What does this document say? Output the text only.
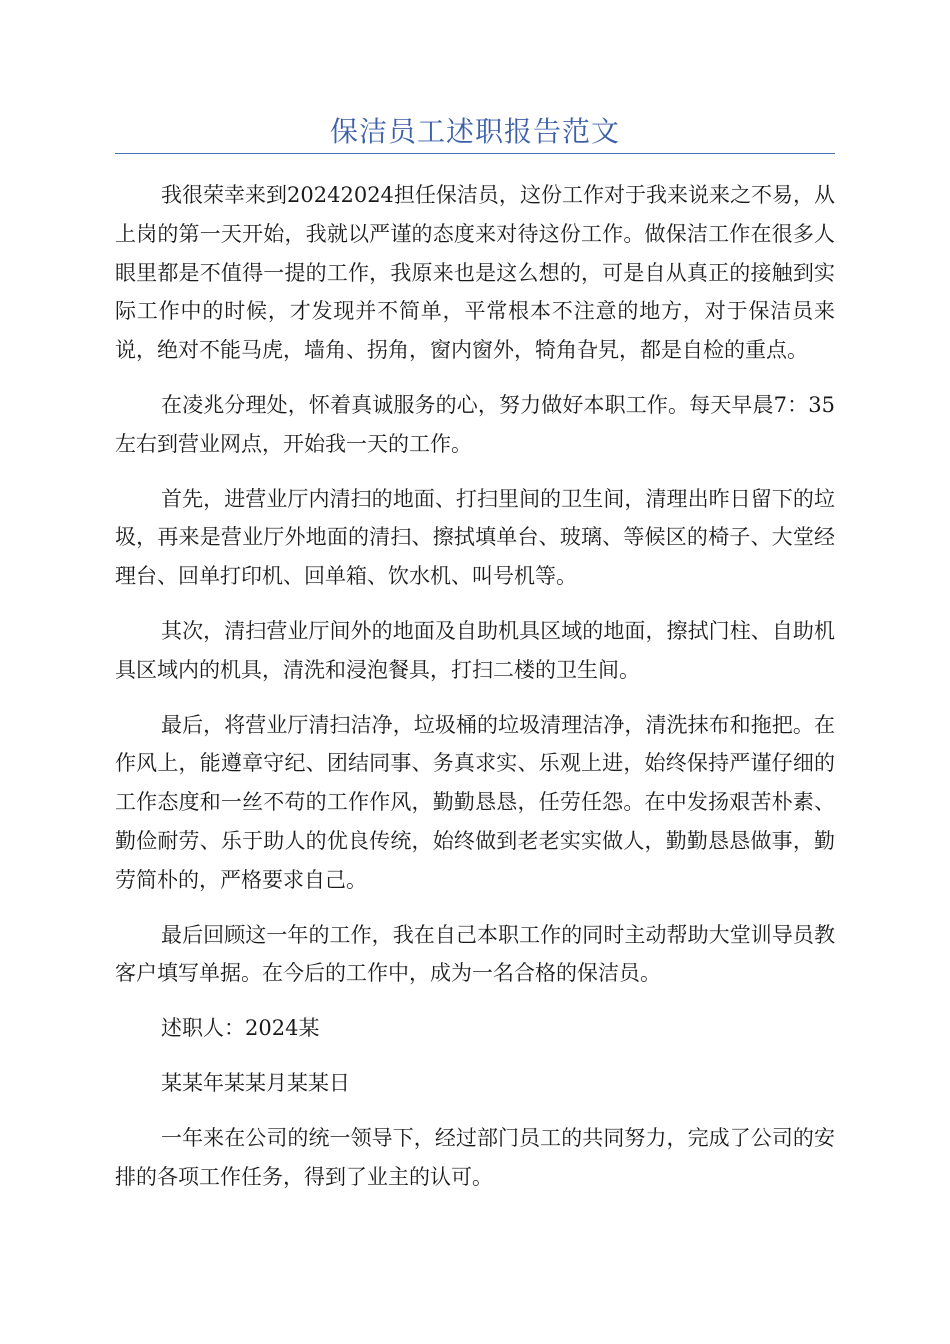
保洁员工述职报告范文

我很荣幸来到20242024担任保洁员，这份工作对于我来说来之不易，从上岗的第一天开始，我就以严谨的态度来对待这份工作。做保洁工作在很多人眼里都是不值得一提的工作，我原来也是这么想的，可是自从真正的接触到实际工作中的时候，才发现并不简单，平常根本不注意的地方，对于保洁员来说，绝对不能马虎，墙角、拐角，窗内窗外，犄角旮旯，都是自检的重点。

在凌兆分理处，怀着真诚服务的心，努力做好本职工作。每天早晨7：35左右到营业网点，开始我一天的工作。

首先，进营业厅内清扫的地面、打扫里间的卫生间，清理出昨日留下的垃圾，再来是营业厅外地面的清扫、擦拭填单台、玻璃、等候区的椅子、大堂经理台、回单打印机、回单箱、饮水机、叫号机等。

其次，清扫营业厅间外的地面及自助机具区域的地面，擦拭门柱、自助机具区域内的机具，清洗和浸泡餐具，打扫二楼的卫生间。

最后，将营业厅清扫洁净，垃圾桶的垃圾清理洁净，清洗抹布和拖把。在作风上，能遵章守纪、团结同事、务真求实、乐观上进，始终保持严谨仔细的工作态度和一丝不苟的工作作风，勤勤恳恳，任劳任怨。在中发扬艰苦朴素、勤俭耐劳、乐于助人的优良传统，始终做到老老实实做人，勤勤恳恳做事，勤劳简朴的，严格要求自己。

最后回顾这一年的工作，我在自己本职工作的同时主动帮助大堂训导员教客户填写单据。在今后的工作中，成为一名合格的保洁员。

述职人：2024某

某某年某某月某某日

一年来在公司的统一领导下，经过部门员工的共同努力，完成了公司的安排的各项工作任务，得到了业主的认可。
